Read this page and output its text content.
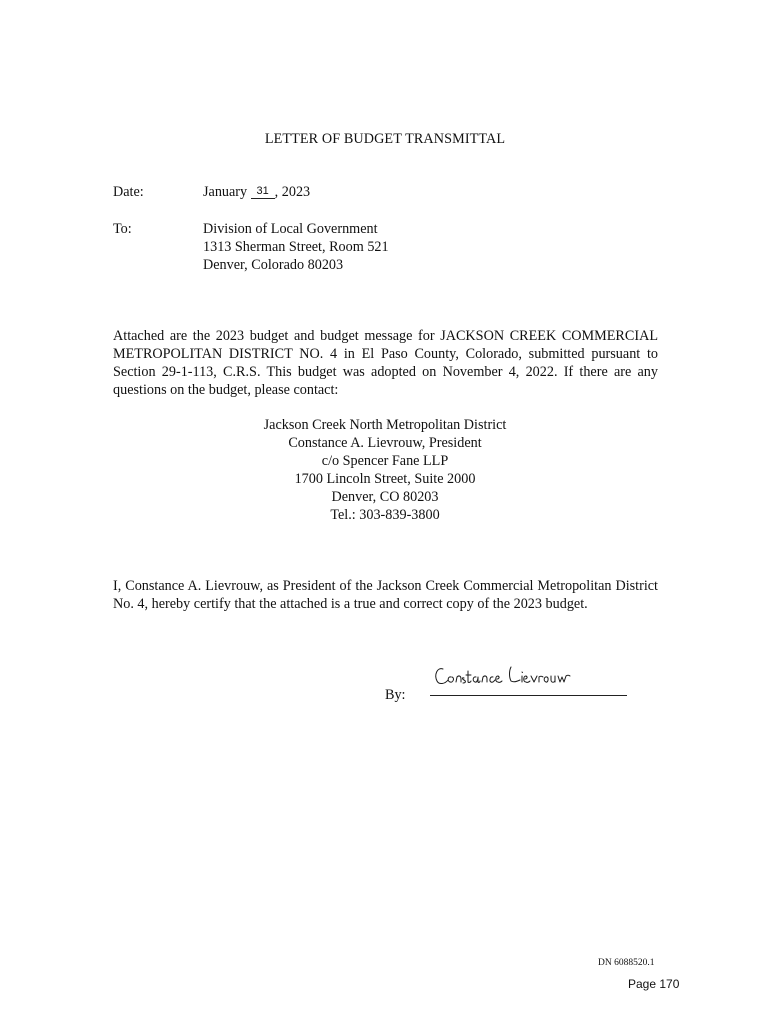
LETTER OF BUDGET TRANSMITTAL
Date:	January 31 , 2023
To:	Division of Local Government
1313 Sherman Street, Room 521
Denver, Colorado 80203
Attached are the 2023 budget and budget message for JACKSON CREEK COMMERCIAL METROPOLITAN DISTRICT NO. 4 in El Paso County, Colorado, submitted pursuant to Section 29-1-113, C.R.S. This budget was adopted on November 4, 2022. If there are any questions on the budget, please contact:
Jackson Creek North Metropolitan District
Constance A. Lievrouw, President
c/o Spencer Fane LLP
1700 Lincoln Street, Suite 2000
Denver, CO 80203
Tel.: 303-839-3800
I, Constance A. Lievrouw, as President of the Jackson Creek Commercial Metropolitan District No. 4, hereby certify that the attached is a true and correct copy of the 2023 budget.
By:
DN 6088520.1
Page 170
